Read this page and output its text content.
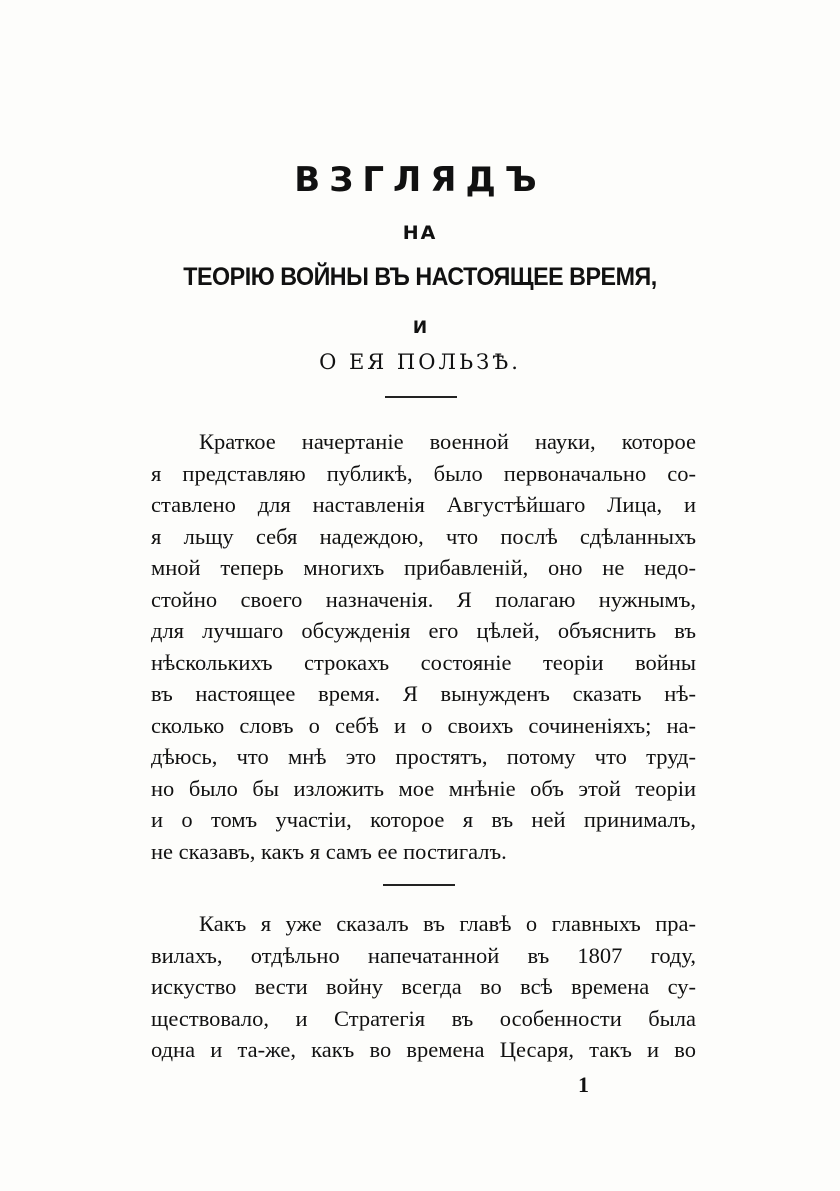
ВЗГЛЯДЪ
НА
ТЕОРІЮ ВОЙНЫ ВЪ НАСТОЯЩЕЕ ВРЕМЯ,
И
О ЕЯ ПОЛЬЗѢ.
Краткое начертаніе военной науки, которое
я представляю публикѣ, было первоначально со-
ставлено для наставленія Августѣйшаго Лица, и
я льщу себя надеждою, что послѣ сдѣланныхъ
мной теперь многихъ прибавленій, оно не недо-
стойно своего назначенія. Я полагаю нужнымъ,
для лучшаго обсужденія его цѣлей, объяснить въ
нѣсколькихъ строкахъ состояніе теоріи войны
въ настоящее время. Я вынужденъ сказать нѣ-
сколько словъ о себѣ и о своихъ сочиненіяхъ; на-
дѣюсь, что мнѣ это простятъ, потому что труд-
но было бы изложить мое мнѣніе объ этой теоріи
и о томъ участіи, которое я въ ней принималъ,
не сказавъ, какъ я самъ ее постигалъ.
Какъ я уже сказалъ въ главѣ о главныхъ пра-
вилахъ, отдѣльно напечатанной въ 1807 году,
искуство вести войну всегда во всѣ времена су-
ществовало, и Стратегія въ особенности была
одна и та-же, какъ во времена Цесаря, такъ и во
1
